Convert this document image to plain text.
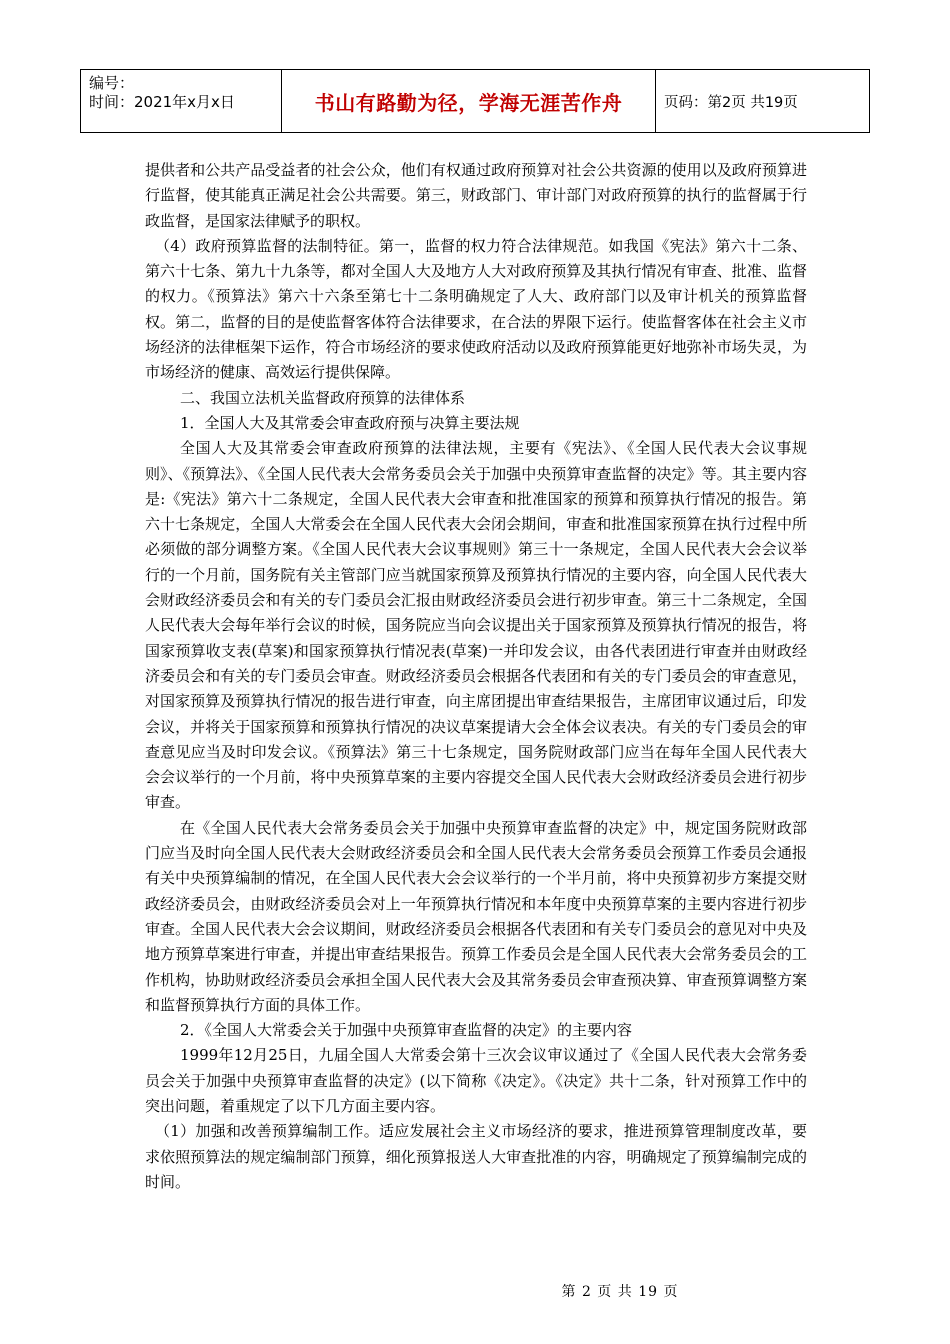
编号：
时间：2021年x月x日	书山有路勤为径，学海无涯苦作舟	页码：第2页 共19页

提供者和公共产品受益者的社会公众，他们有权通过政府预算对社会公共资源的使用以及政府预算进行监督，使其能真正满足社会公共需要。第三，财政部门、审计部门对政府预算的执行的监督属于行政监督，是国家法律赋予的职权。

（4）政府预算监督的法制特征。第一，监督的权力符合法律规范。如我国《宪法》第六十二条、第六十七条、第九十九条等，都对全国人大及地方人大对政府预算及其执行情况有审查、批准、监督的权力。《预算法》第六十六条至第七十二条明确规定了人大、政府部门以及审计机关的预算监督权。第二，监督的目的是使监督客体符合法律要求，在合法的界限下运行。使监督客体在社会主义市场经济的法律框架下运作，符合市场经济的要求使政府活动以及政府预算能更好地弥补市场失灵，为市场经济的健康、高效运行提供保障。

二、我国立法机关监督政府预算的法律体系

1．全国人大及其常委会审查政府预与决算主要法规

全国人大及其常委会审查政府预算的法律法规，主要有《宪法》、《全国人民代表大会议事规则》、《预算法》、《全国人民代表大会常务委员会关于加强中央预算审查监督的决定》等。其主要内容是:《宪法》第六十二条规定，全国人民代表大会审查和批准国家的预算和预算执行情况的报告。第六十七条规定，全国人大常委会在全国人民代表大会闭会期间，审查和批准国家预算在执行过程中所必须做的部分调整方案。《全国人民代表大会议事规则》第三十一条规定，全国人民代表大会会议举行的一个月前，国务院有关主管部门应当就国家预算及预算执行情况的主要内容，向全国人民代表大会财政经济委员会和有关的专门委员会汇报由财政经济委员会进行初步审查。第三十二条规定，全国人民代表大会每年举行会议的时候，国务院应当向会议提出关于国家预算及预算执行情况的报告，将国家预算收支表(草案)和国家预算执行情况表(草案)一并印发会议，由各代表团进行审查并由财政经济委员会和有关的专门委员会审查。财政经济委员会根据各代表团和有关的专门委员会的审查意见，对国家预算及预算执行情况的报告进行审查，向主席团提出审查结果报告，主席团审议通过后，印发会议，并将关于国家预算和预算执行情况的决议草案提请大会全体会议表决。有关的专门委员会的审查意见应当及时印发会议。《预算法》第三十七条规定，国务院财政部门应当在每年全国人民代表大会会议举行的一个月前，将中央预算草案的主要内容提交全国人民代表大会财政经济委员会进行初步审查。

在《全国人民代表大会常务委员会关于加强中央预算审查监督的决定》中，规定国务院财政部门应当及时向全国人民代表大会财政经济委员会和全国人民代表大会常务委员会预算工作委员会通报有关中央预算编制的情况，在全国人民代表大会会议举行的一个半月前，将中央预算初步方案提交财政经济委员会，由财政经济委员会对上一年预算执行情况和本年度中央预算草案的主要内容进行初步审查。全国人民代表大会会议期间，财政经济委员会根据各代表团和有关专门委员会的意见对中央及地方预算草案进行审查，并提出审查结果报告。预算工作委员会是全国人民代表大会常务委员会的工作机构，协助财政经济委员会承担全国人民代表大会及其常务委员会审查预决算、审查预算调整方案和监督预算执行方面的具体工作。

2．《全国人大常委会关于加强中央预算审查监督的决定》的主要内容

1999年12月25日，九届全国人大常委会第十三次会议审议通过了《全国人民代表大会常务委员会关于加强中央预算审查监督的决定》(以下简称《决定》。《决定》共十二条，针对预算工作中的突出问题，着重规定了以下几方面主要内容。

（1）加强和改善预算编制工作。适应发展社会主义市场经济的要求，推进预算管理制度改革，要求依照预算法的规定编制部门预算，细化预算报送人大审查批准的内容，明确规定了预算编制完成的时间。

第 2 页 共 19 页
